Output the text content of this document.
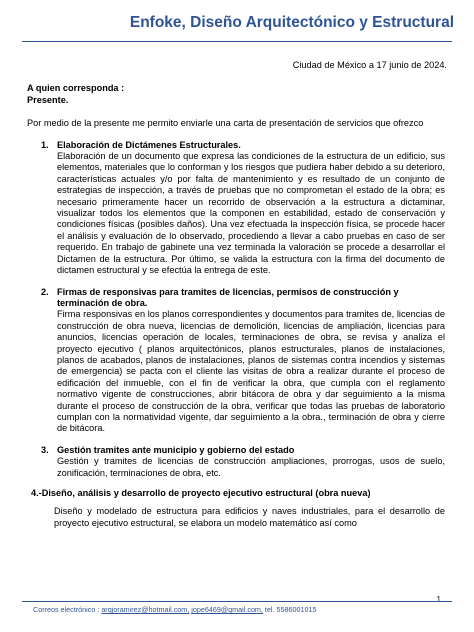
Enfoke, Diseño Arquitectónico y Estructural
Ciudad de México a 17 junio de 2024.
A quien corresponda :
Presente.
Por medio de la presente me permito enviarle una carta de presentación de servicios que ofrezco
1. Elaboración de Dictámenes Estructurales.
Elaboración de un documento que expresa las condiciones de la estructura de un edificio, sus elementos, materiales que lo conforman y los riesgos que pudiera haber debido a su deterioro, características actuales y/o por falta de mantenimiento y es resultado de un conjunto de estrategias de inspección, a través de pruebas que no comprometan el estado de la obra; es necesario primeramente hacer un recorrido de observación a la estructura a dictaminar, visualizar todos los elementos que la componen en estabilidad, estado de conservación y condiciones físicas (posibles daños). Una vez efectuada la inspección física, se procede hacer el análisis y evaluación de lo observado, procediendo a llevar a cabo pruebas en caso de ser requerido. En trabajo de gabinete una vez terminada la valoración se procede a desarrollar el Dictamen de la estructura. Por último, se valida la estructura con la firma del documento de dictamen estructural y se efectúa la entrega de este.
2. Firmas de responsivas para tramites de licencias, permisos de construcción y terminación de obra.
Firma responsivas en los planos correspondientes y documentos para tramites de, licencias de construcción de obra nueva, licencias de demolición, licencias de ampliación, licencias para anuncios, licencias operación de locales, terminaciones de obra, se revisa y analiza el proyecto ejecutivo ( planos arquitectónicos, planos estructurales, planos de instalaciones, planos de acabados, planos de instalaciones, planos de sistemas contra incendios y sistemas de emergencia) se pacta con el cliente las visitas de obra a realizar durante el proceso de edificación del inmueble, con el fin de verificar la obra, que cumpla con el reglamento normativo vigente de construcciones, abrir bitácora de obra y dar seguimiento a la misma durante el proceso de construcción de la obra, verificar que todas las pruebas de laboratorio cumplan con la normatividad vigente, dar seguimiento a la obra., terminación de obra y cierre de bitácora.
3. Gestión tramites ante municipio y gobierno del estado
Gestión y tramites de licencias de construcción ampliaciones, prorrogas, usos de suelo, zonificación, terminaciones de obra, etc.
4.-Diseño, análisis y desarrollo de proyecto ejecutivo estructural (obra nueva)
Diseño y modelado de estructura para edificios y naves industriales, para el desarrollo de proyecto ejecutivo estructural, se elabora un modelo matemático así como
1
Correos electrónico : arqjoramirez@hotmail.com, jope6469@gmail.com, tel. 5586001015
